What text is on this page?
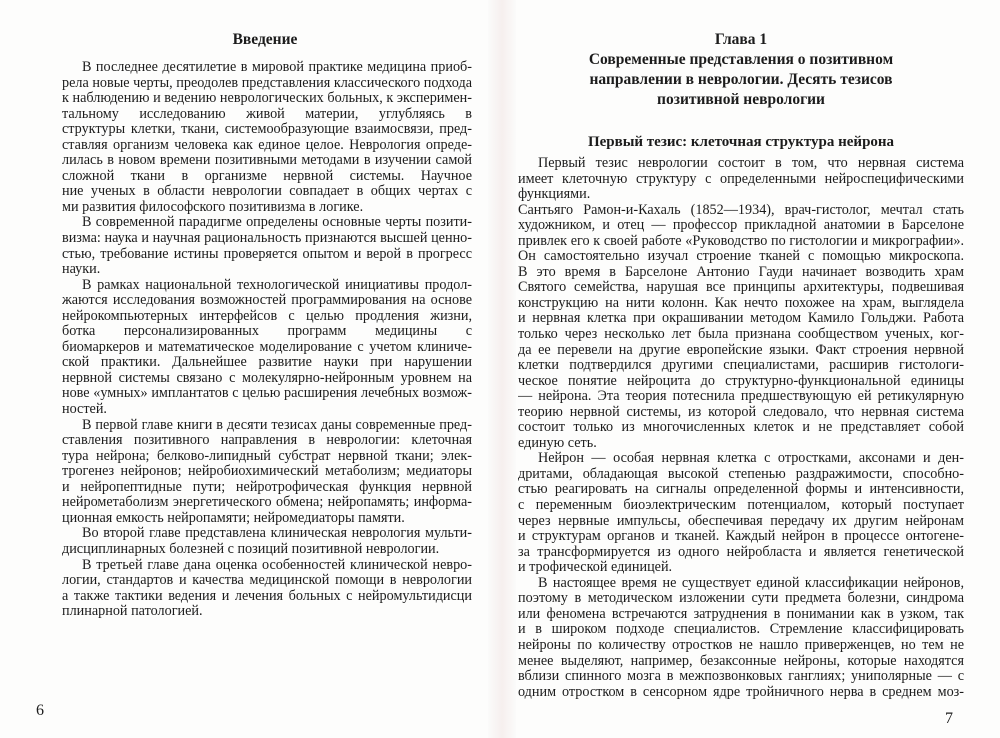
Введение
В последнее десятилетие в мировой практике медицина приоб-
рела новые черты, преодолев представления классического подхода
к наблюдению и ведению неврологических больных, к эксперимен-
тальному исследованию живой материи, углубляясь в
структуры клетки, ткани, системообразующие взаимосвязи, пред-
ставляя организм человека как единое целое. Неврология опреде-
лилась в новом времени позитивными методами в изучении самой
сложной ткани в организме нервной системы. Научное
ние ученых в области неврологии совпадает в общих чертах с
ми развития философского позитивизма в логике.
В современной парадигме определены основные черты позити-
визма: наука и научная рациональность признаются высшей ценно-
стью, требование истины проверяется опытом и верой в прогресс
науки.
В рамках национальной технологической инициативы продол-
жаются исследования возможностей программирования на основе
нейрокомпьютерных интерфейсов с целью продления жизни,
ботка персонализированных программ медицины с
биомаркеров и математическое моделирование с учетом клиниче-
ской практики. Дальнейшее развитие науки при нарушении
нервной системы связано с молекулярно-нейронным уровнем на
нове «умных» имплантатов с целью расширения лечебных возмож-
ностей.
В первой главе книги в десяти тезисах даны современные пред-
ставления позитивного направления в неврологии: клеточная
тура нейрона; белково-липидный субстрат нервной ткани; элек-
трогенез нейронов; нейробиохимический метаболизм; медиаторы
и нейропептидные пути; нейротрофическая функция нервной
нейрометаболизм энергетического обмена; нейропамять; информа-
ционная емкость нейропамяти; нейромедиаторы памяти.
Во второй главе представлена клиническая неврология мульти-
дисциплинарных болезней с позиций позитивной неврологии.
В третьей главе дана оценка особенностей клинической невро-
логии, стандартов и качества медицинской помощи в неврологии
а также тактики ведения и лечения больных с нейромультидисци
плинарной патологией.
6
Глава 1
Современные представления о позитивном
направлении в неврологии. Десять тезисов
позитивной неврологии
Первый тезис: клеточная структура нейрона
Первый тезис неврологии состоит в том, что нервная система
имеет клеточную структуру с определенными нейроспецифическими
функциями.
Сантьяго Рамон-и-Кахаль (1852—1934), врач-гистолог, мечтал стать
художником, и отец — профессор прикладной анатомии в Барселоне
привлек его к своей работе «Руководство по гистологии и микрографии».
Он самостоятельно изучал строение тканей с помощью микроскопа.
В это время в Барселоне Антонио Гауди начинает возводить храм
Святого семейства, нарушая все принципы архитектуры, подвешивая
конструкцию на нити колонн. Как нечто похожее на храм, выглядела
и нервная клетка при окрашивании методом Камило Гольджи. Работа
только через несколько лет была признана сообществом ученых, ког-
да ее перевели на другие европейские языки. Факт строения нервной
клетки подтвердился другими специалистами, расширив гистологи-
ческое понятие нейроцита до структурно-функциональной единицы
— нейрона. Эта теория потеснила предшествующую ей ретикулярную
теорию нервной системы, из которой следовало, что нервная система
состоит только из многочисленных клеток и не представляет собой
единую сеть.
Нейрон — особая нервная клетка с отростками, аксонами и ден-
дритами, обладающая высокой степенью раздражимости, способно-
стью реагировать на сигналы определенной формы и интенсивности,
с переменным биоэлектрическим потенциалом, который поступает
через нервные импульсы, обеспечивая передачу их другим нейронам
и структурам органов и тканей. Каждый нейрон в процессе онтогене-
за трансформируется из одного нейробласта и является генетической
и трофической единицей.
В настоящее время не существует единой классификации нейронов,
поэтому в методическом изложении сути предмета болезни, синдрома
или феномена встречаются затруднения в понимании как в узком, так
и в широком подходе специалистов. Стремление классифицировать
нейроны по количеству отростков не нашло приверженцев, но тем не
менее выделяют, например, безаксонные нейроны, которые находятся
вблизи спинного мозга в межпозвонковых ганглиях; униполярные — с
одним отростком в сенсорном ядре тройничного нерва в среднем моз-
7
